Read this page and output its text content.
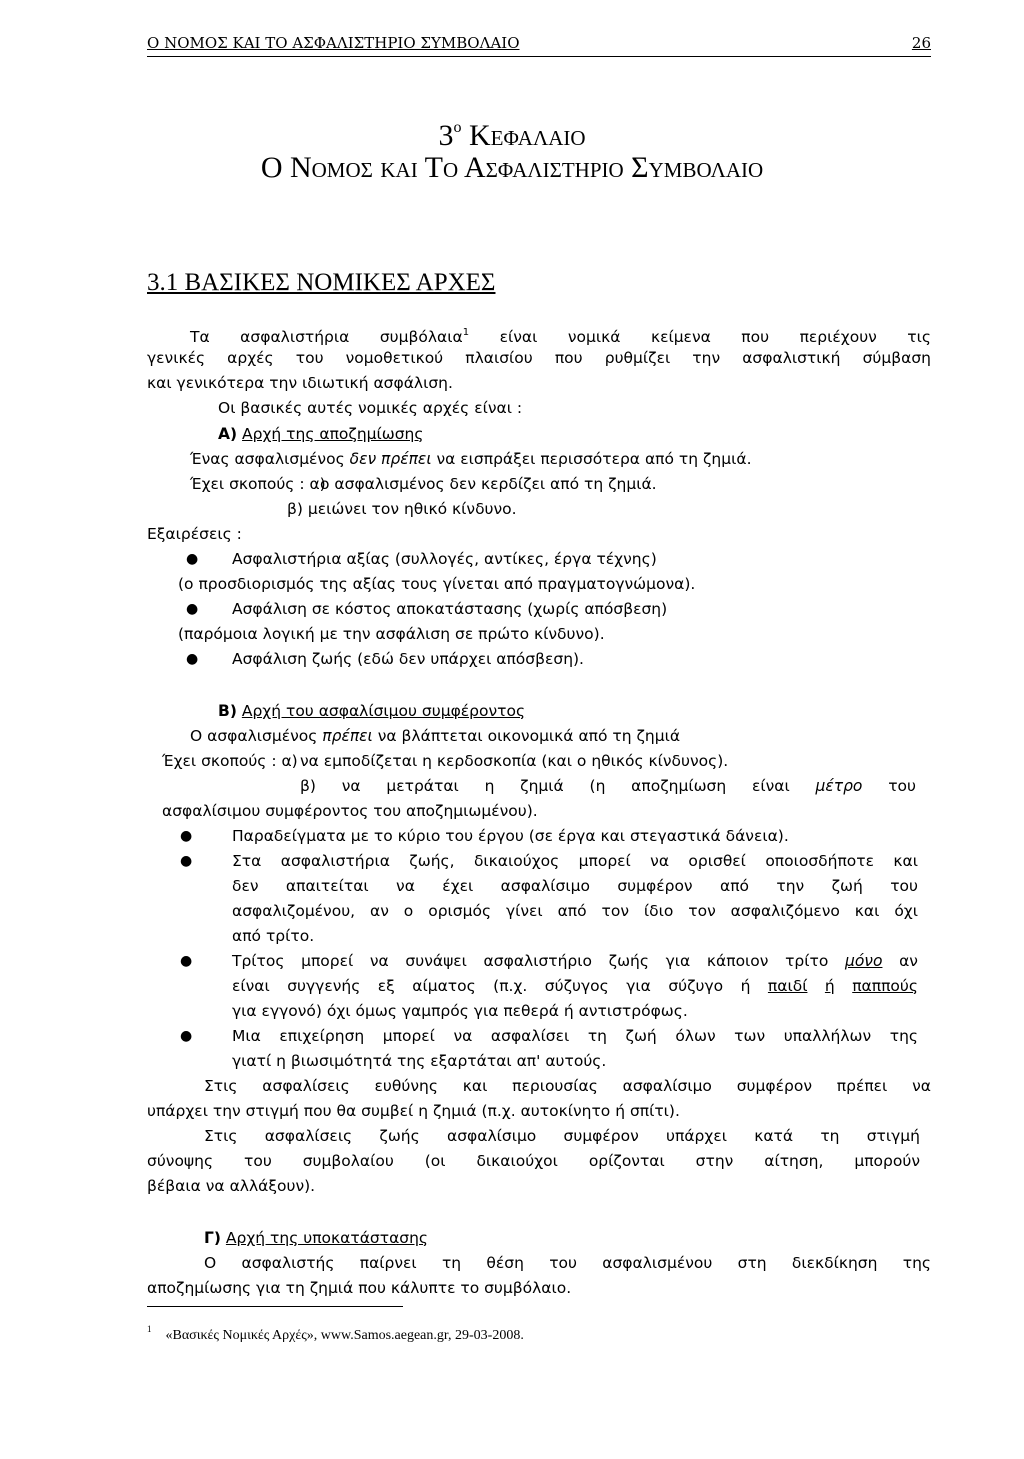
Ο ΝΟΜΟΣ ΚΑΙ ΤΟ ΑΣΦΑΛΙΣΤΗΡΙΟ ΣΥΜΒΟΛΑΙΟ	26
$3^o$ Κεφαλαιο
Ο Νομος και Το Ασφαλιστηριο Συμβολαιο
3.1 ΒΑΣΙΚΕΣ ΝΟΜΙΚΕΣ ΑΡΧΕΣ
Τα ασφαλιστήρια συμβόλαια$^1$ είναι νομικά κείμενα που περιέχουν τις
γενικές αρχές του νομοθετικού πλαισίου που ρυθμίζει την ασφαλιστική σύμβαση
και γενικότερα την ιδιωτική ασφάλιση.
Οι βασικές αυτές νομικές αρχές είναι :
Α) Αρχή της αποζημίωσης
Ένας ασφαλισμένος δεν πρέπει να εισπράξει περισσότερα από τη ζημιά.
Έχει σκοπούς : α)
ο ασφαλισμένος δεν κερδίζει από τη ζημιά.
β) μειώνει τον ηθικό κίνδυνο.
Εξαιρέσεις :
● Ασφαλιστήρια αξίας (συλλογές, αντίκες, έργα τέχνης)
(ο προσδιορισμός της αξίας τους γίνεται από πραγματογνώμονα).
● Ασφάλιση σε κόστος αποκατάστασης (χωρίς απόσβεση)
(παρόμοια λογική με την ασφάλιση σε πρώτο κίνδυνο).
● Ασφάλιση ζωής (εδώ δεν υπάρχει απόσβεση).
Β) Αρχή του ασφαλίσιμου συμφέροντος
Ο ασφαλισμένος πρέπει να βλάπτεται οικονομικά από τη ζημιά
Έχει σκοπούς : α) να εμποδίζεται η κερδοσκοπία (και ο ηθικός κίνδυνος).
β) να μετράται η ζημιά (η αποζημίωση είναι μέτρο του
ασφαλίσιμου συμφέροντος του αποζημιωμένου).
●	Παραδείγματα με το κύριο του έργου (σε έργα και στεγαστικά δάνεια).
●	Στα ασφαλιστήρια ζωής, δικαιούχος μπορεί να ορισθεί οποιοσδήποτε και
δεν απαιτείται να έχει ασφαλίσιμο συμφέρον από την ζωή του
ασφαλιζομένου, αν ο ορισμός γίνει από τον ίδιο τον ασφαλιζόμενο και όχι
από τρίτο.
●	Τρίτος μπορεί να συνάψει ασφαλιστήριο ζωής για κάποιον τρίτο μόνο αν
είναι συγγενής εξ αίματος (π.χ. σύζυγος για σύζυγο ή παιδί ή παππούς
για εγγονό) όχι όμως γαμπρός για πεθερά ή αντιστρόφως.
●	Μια επιχείρηση μπορεί να ασφαλίσει τη ζωή όλων των υπαλλήλων της
γιατί η βιωσιμότητά της εξαρτάται απ' αυτούς.
Στις ασφαλίσεις ευθύνης και περιουσίας ασφαλίσιμο συμφέρον πρέπει να
υπάρχει την στιγμή που θα συμβεί η ζημιά (π.χ. αυτοκίνητο ή σπίτι).
Στις ασφαλίσεις ζωής ασφαλίσιμο συμφέρον υπάρχει κατά τη στιγμή
σύνοψης του συμβολαίου (οι δικαιούχοι ορίζονται στην αίτηση, μπορούν
βέβαια να αλλάξουν).
Γ) Αρχή της υποκατάστασης
Ο ασφαλιστής παίρνει τη θέση του ασφαλισμένου στη διεκδίκηση της
αποζημίωσης για τη ζημιά που κάλυπτε το συμβόλαιο.
$^1$ «Βασικές Νομικές Αρχές», www.Samos.aegean.gr, 29-03-2008.
